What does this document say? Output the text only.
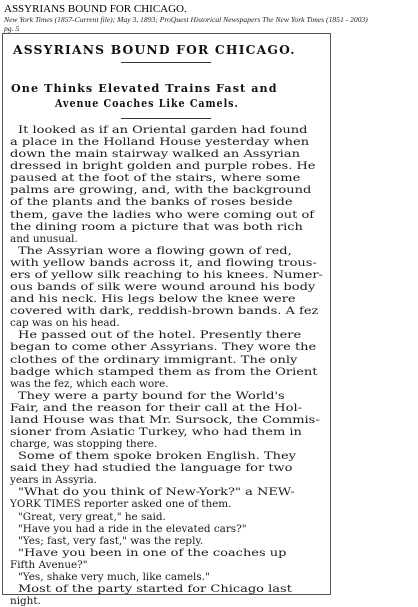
ASSYRIANS BOUND FOR CHICAGO.
New York Times (1857-Current file); May 3, 1893; ProQuest Historical Newspapers The New York Times (1851 - 2003)
pg. 5
ASSYRIANS BOUND FOR CHICAGO.
One Thinks Elevated Trains Fast and
Avenue Coaches Like Camels.
It looked as if an Oriental garden had found
a place in the Holland House yesterday when
down the main stairway walked an Assyrian
dressed in bright golden and purple robes. He
paused at the foot of the stairs, where some
palms are growing, and, with the background
of the plants and the banks of roses beside
them, gave the ladies who were coming out of
the dining room a picture that was both rich
and unusual.
The Assyrian wore a flowing gown of red,
with yellow bands across it, and flowing trous-
ers of yellow silk reaching to his knees. Numer-
ous bands of silk were wound around his body
and his neck. His legs below the knee were
covered with dark, reddish-brown bands. A fez
cap was on his head.
He passed out of the hotel. Presently there
began to come other Assyrians. They wore the
clothes of the ordinary immigrant. The only
badge which stamped them as from the Orient
was the fez, which each wore.
They were a party bound for the World's
Fair, and the reason for their call at the Hol-
land House was that Mr. Sursock, the Commis-
sioner from Asiatic Turkey, who had them in
charge, was stopping there.
Some of them spoke broken English. They
said they had studied the language for two
years in Assyria.
"What do you think of New-York?" a NEW-
YORK TIMES reporter asked one of them.
"Great, very great," he said.
"Have you had a ride in the elevated cars?"
"Yes; fast, very fast," was the reply.
"Have you been in one of the coaches up
Fifth Avenue?"
"Yes, shake very much, like camels."
Most of the party started for Chicago last
night.
